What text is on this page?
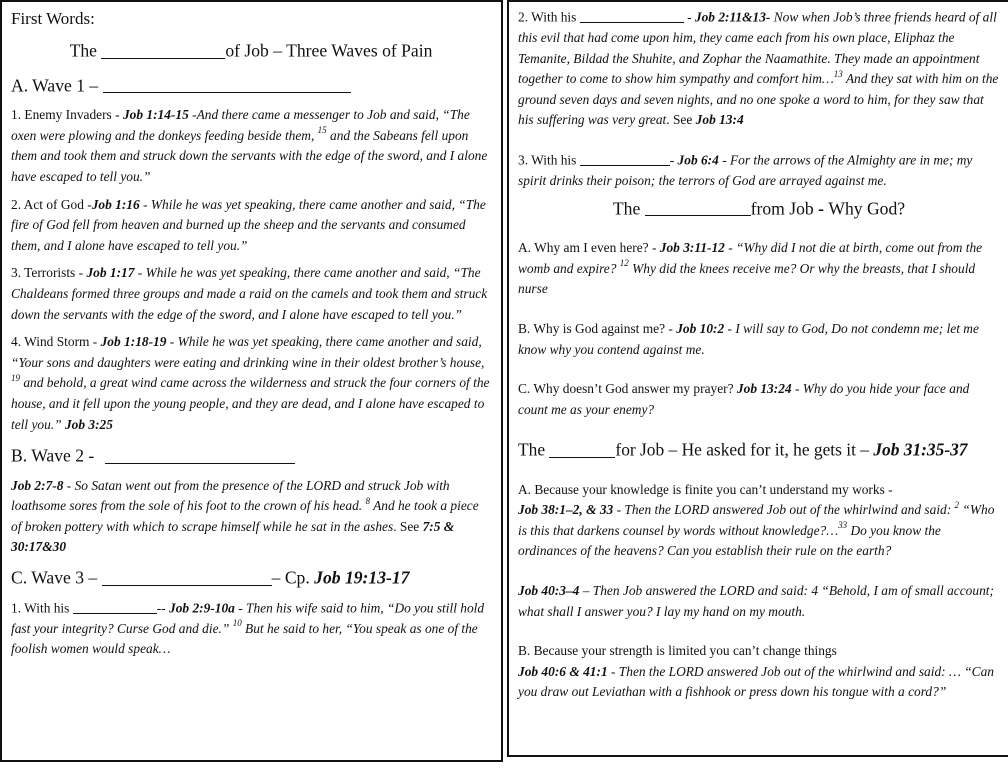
First Words:

The	of Job – Three Waves of Pain

A. Wave 1 –

1. Enemy Invaders - Job 1:14-15 -And there came a messenger to Job and said, “The oxen were plowing and the donkeys feeding beside them, $^{15}$ and the Sabeans fell upon them and took them and struck down the servants with the edge of the sword, and I alone have escaped to tell you.”

2. Act of God -Job 1:16 - While he was yet speaking, there came another and said, “The fire of God fell from heaven and burned up the sheep and the servants and consumed them, and I alone have escaped to tell you.”

3. Terrorists - Job 1:17 - While he was yet speaking, there came another and said, “The Chaldeans formed three groups and made a raid on the camels and took them and struck down the servants with the edge of the sword, and I alone have escaped to tell you.”

4. Wind Storm - Job 1:18-19 - While he was yet speaking, there came another and said, “Your sons and daughters were eating and drinking wine in their oldest brother’s house, $^{19}$ and behold, a great wind came across the wilderness and struck the four corners of the house, and it fell upon the young people, and they are dead, and I alone have escaped to tell you.” Job 3:25

B. Wave 2 -

Job 2:7-8 - So Satan went out from the presence of the LORD and struck Job with loathsome sores from the sole of his foot to the crown of his head. $^8$ And he took a piece of broken pottery with which to scrape himself while he sat in the ashes. See 7:5 & 30:17&30

C. Wave 3 –	– Cp. Job 19:13-17

1. With his	-- Job 2:9-10a - Then his wife said to him, “Do you still hold fast your integrity? Curse God and die.” $^{10}$ But he said to her, “You speak as one of the foolish women would speak…

2. With his	- Job 2:11&13- Now when Job’s three friends heard of all this evil that had come upon him, they came each from his own place, Eliphaz the Temanite, Bildad the Shuhite, and Zophar the Naamathite. They made an appointment together to come to show him sympathy and comfort him…$^{13}$ And they sat with him on the ground seven days and seven nights, and no one spoke a word to him, for they saw that his suffering was very great. See Job 13:4

3. With his	- Job 6:4 - For the arrows of the Almighty are in me; my spirit drinks their poison; the terrors of God are arrayed against me.

The	from Job - Why God?

A. Why am I even here? - Job 3:11-12 - “Why did I not die at birth, come out from the womb and expire? $^{12}$ Why did the knees receive me? Or why the breasts, that I should nurse

B. Why is God against me? - Job 10:2 - I will say to God, Do not condemn me; let me know why you contend against me.

C. Why doesn’t God answer my prayer? Job 13:24 - Why do you hide your face and count me as your enemy?

The	for Job – He asked for it, he gets it – Job 31:35-37

A. Because your knowledge is finite you can’t understand my works -
Job 38:1–2, & 33 - Then the LORD answered Job out of the whirlwind and said: $^2$ “Who is this that darkens counsel by words without knowledge?…$^{33}$ Do you know the ordinances of the heavens? Can you establish their rule on the earth?

Job 40:3–4 – Then Job answered the LORD and said: 4 “Behold, I am of small account; what shall I answer you? I lay my hand on my mouth.

B. Because your strength is limited you can’t change things
Job 40:6 & 41:1 - Then the LORD answered Job out of the whirlwind and said: … “Can you draw out Leviathan with a fishhook or press down his tongue with a cord?”
